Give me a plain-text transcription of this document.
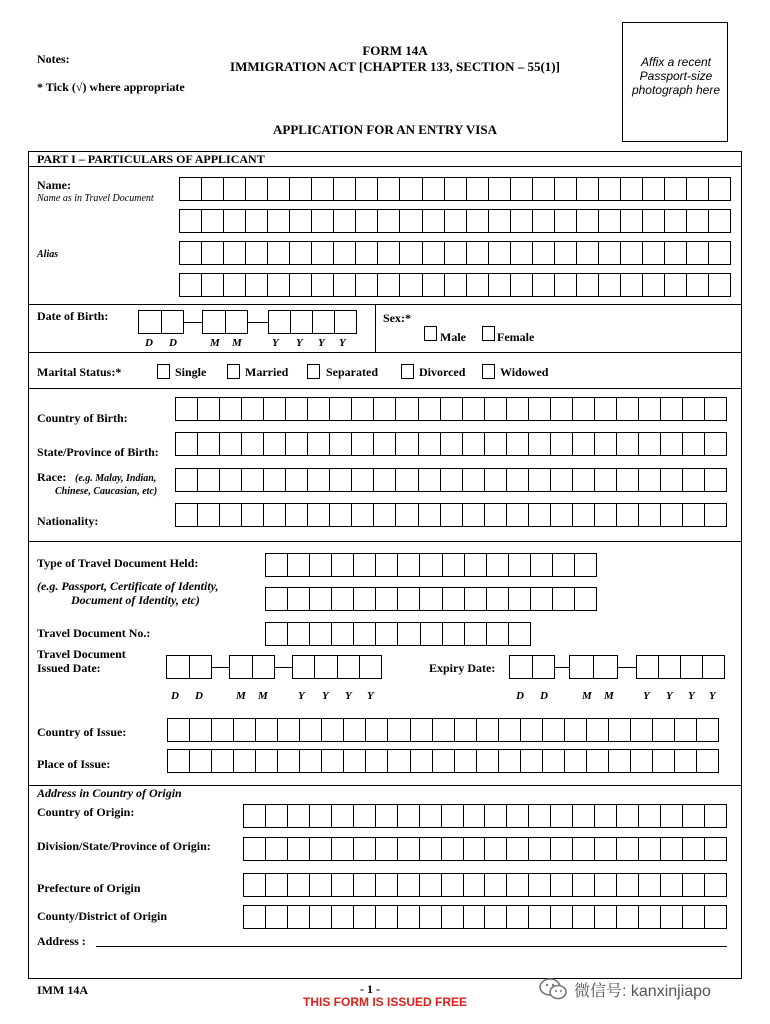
Notes:
* Tick (√) where appropriate
FORM 14A
IMMIGRATION ACT [CHAPTER 133, SECTION – 55(1)]	Affix a recent Passport-size photograph here
APPLICATION FOR AN ENTRY VISA
PART I – PARTICULARS OF APPLICANT
Name:
Name as in Travel Document
Alias
Date of Birth:
D D	M M	Y Y Y Y
Sex:*
Male	Female
Marital Status:*	Single	Married	Separated	Divorced	Widowed
Country of Birth:
State/Province of Birth:
Race: (e.g. Malay, Indian,
Chinese, Caucasian, etc)
Nationality:
Type of Travel Document Held:
(e.g. Passport, Certificate of Identity,
Document of Identity, etc)
Travel Document No.:
Travel Document
Issued Date:	Expiry Date:
D D	M M	Y Y Y Y	D D	M M	Y Y Y Y
Country of Issue:
Place of Issue:
Address in Country of Origin
Country of Origin:
Division/State/Province of Origin:
Prefecture of Origin
County/District of Origin
Address :
IMM 14A	- 1 -
THIS FORM IS ISSUED FREE
微信号: kanxinjiapo
